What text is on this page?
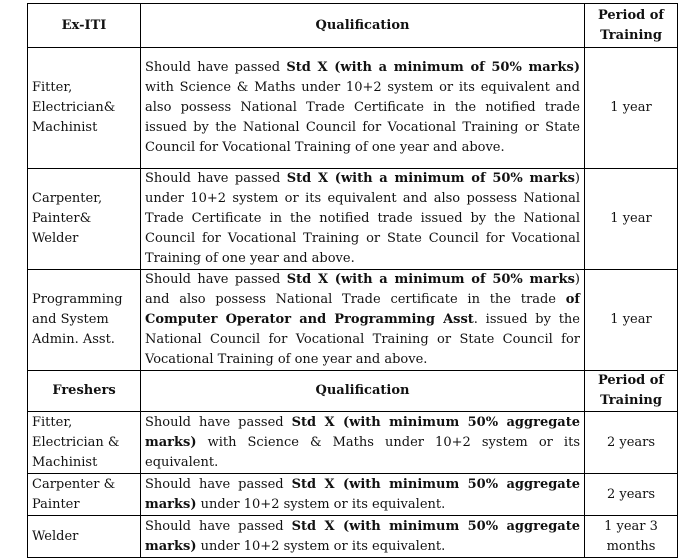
Ex-ITI	Qualification	Period of Training
Fitter, Electrician& Machinist	Should have passed Std X (with a minimum of 50% marks) with Science & Maths under 10+2 system or its equivalent and also possess National Trade Certificate in the notified trade issued by the National Council for Vocational Training or State Council for Vocational Training of one year and above.	1 year
Carpenter, Painter& Welder	Should have passed Std X (with a minimum of 50% marks) under 10+2 system or its equivalent and also possess National Trade Certificate in the notified trade issued by the National Council for Vocational Training or State Council for Vocational Training of one year and above.	1 year
Programming and System Admin. Asst.	Should have passed Std X (with a minimum of 50% marks) and also possess National Trade certificate in the trade of Computer Operator and Programming Asst. issued by the National Council for Vocational Training or State Council for Vocational Training of one year and above.	1 year
Freshers	Qualification	Period of Training
Fitter, Electrician & Machinist	Should have passed Std X (with minimum 50% aggregate marks) with Science & Maths under 10+2 system or its equivalent.	2 years
Carpenter & Painter	Should have passed Std X (with minimum 50% aggregate marks) under 10+2 system or its equivalent.	2 years
Welder	Should have passed Std X (with minimum 50% aggregate marks) under 10+2 system or its equivalent.	1 year 3 months
